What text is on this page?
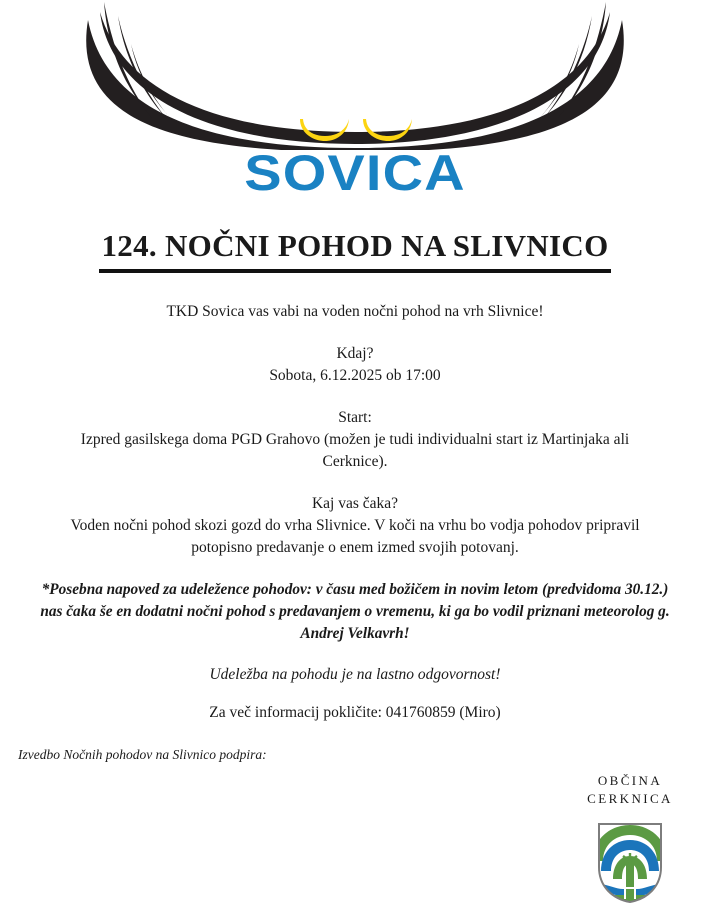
SOVICA
124. NOČNI POHOD NA SLIVNICO

TKD Sovica vas vabi na voden nočni pohod na vrh Slivnice!

Kdaj?
Sobota, 6.12.2025 ob 17:00

Start:
Izpred gasilskega doma PGD Grahovo (možen je tudi individualni start iz Martinjaka ali
Cerknice).

Kaj vas čaka?
Voden nočni pohod skozi gozd do vrha Slivnice. V koči na vrhu bo vodja pohodov pripravil
potopisno predavanje o enem izmed svojih potovanj.

*Posebna napoved za udeležence pohodov: v času med božičem in novim letom (predvidoma 30.12.) nas čaka še en dodatni nočni pohod s predavanjem o vremenu, ki ga bo vodil priznani meteorolog g. Andrej Velkavrh!

Udeležba na pohodu je na lastno odgovornost!

Za več informacij pokličite: 041760859 (Miro)

Izvedbo Nočnih pohodov na Slivnico podpira:
OBČINA
CERKNICA
